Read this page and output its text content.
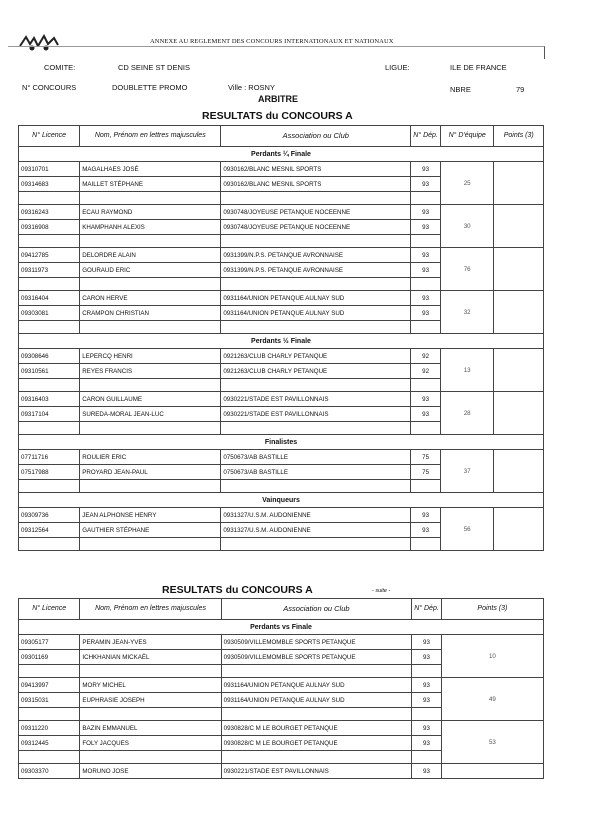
ANNEXE AU REGLEMENT DES CONCOURS INTERNATIONAUX ET NATIONAUX
COMITE:	CD SEINE ST DENIS	LIGUE:	ILE DE FRANCE
N° CONCOURS	DOUBLETTE PROMO	Ville : ROSNY	NBRE	79
ARBITRE
RESULTATS du CONCOURS A
N° Licence	Nom, Prénom en lettres majuscules	Association ou Club	N° Dép.	N° D'équipe	Points (3)
Perdants ¼ Finale					
09310701	MAGALHAES JOSÉ	0930162/BLANC MESNIL SPORTS	93	25	
09314683	MAILLET STÉPHANE	0930162/BLANC MESNIL SPORTS	93		

09316243	ECAU RAYMOND	0930748/JOYEUSE PETANQUE NOCEENNE	93	30	
09316908	KHAMPHANH ALEXIS	0930748/JOYEUSE PETANQUE NOCEENNE	93		

09412785	DELORDRE ALAIN	0931399/N.P.S. PETANQUE AVRONNAISE	93	76	
09311973	GOURAUD ERIC	0931399/N.P.S. PETANQUE AVRONNAISE	93		

09316404	CARON HERVE	0931164/UNION PETANQUE AULNAY SUD	93	32	
09303081	CRAMPON CHRISTIAN	0931164/UNION PETANQUE AULNAY SUD	93		

Perdants ½ Finale					
09308646	LEPERCQ HENRI	0921263/CLUB CHARLY PETANQUE	92	13	
09310561	REYES FRANCIS	0921263/CLUB CHARLY PETANQUE	92		

09316403	CARON GUILLAUME	0930221/STADE EST PAVILLONNAIS	93	28	
09317104	SUREDA-MORAL JEAN-LUC	0930221/STADE EST PAVILLONNAIS	93		

Finalistes					
07711716	ROULIER ERIC	0750673/AB BASTILLE	75	37	
07517988	PROYARD JEAN-PAUL	0750673/AB BASTILLE	75		

Vainqueurs					
09309736	JEAN ALPHONSE HENRY	0931327/U.S.M. AUDONIENNE	93	56	
09312564	GAUTHIER STÉPHANE	0931327/U.S.M. AUDONIENNE	93		

RESULTATS du CONCOURS A	- suite -
N° Licence	Nom, Prénom en lettres majuscules	Association ou Club	N° Dép.	Points (3)
Perdants vs Finale				
09305177	PERAMIN JEAN-YVES	0930509/VILLEMOMBLE SPORTS PETANQUE	93	10
09301169	ICHKHANIAN MICKAËL	0930509/VILLEMOMBLE SPORTS PETANQUE	93	

09413997	MORY MICHEL	0931164/UNION PETANQUE AULNAY SUD	93	49
09315031	EUPHRASIE JOSEPH	0931164/UNION PETANQUE AULNAY SUD	93	

09311220	BAZIN EMMANUEL	0930828/C M LE BOURGET PETANQUE	93	53
09312445	FOLY JACQUES	0930828/C M LE BOURGET PETANQUE	93	

09303370	MORUNO JOSE	0930221/STADE EST PAVILLONNAIS	93	
